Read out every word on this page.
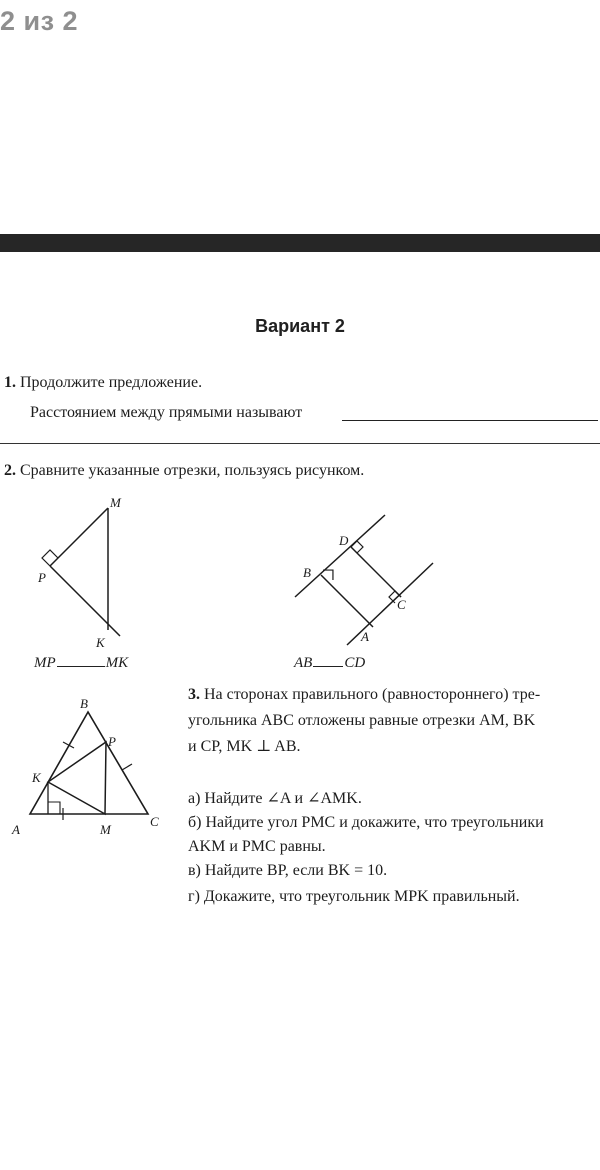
2 из 2
Вариант 2
1. Продолжите предложение.
Расстоянием между прямыми называют
2. Сравните указанные отрезки, пользуясь рисунком.
M
P
K
MP	MK
D
B
C
A
AB CD
B
P
K
A	M
C
3. На сторонах правильного (равностороннего) тре-
угольника ABC отложены равные отрезки AM, BK
и CP, MK ⊥ AB.
а) Найдите ∠A и ∠AMK.
б) Найдите угол PMC и докажите, что треугольники
AKM и PMC равны.
в) Найдите BP, если BK = 10.
г) Докажите, что треугольник MPK правильный.
